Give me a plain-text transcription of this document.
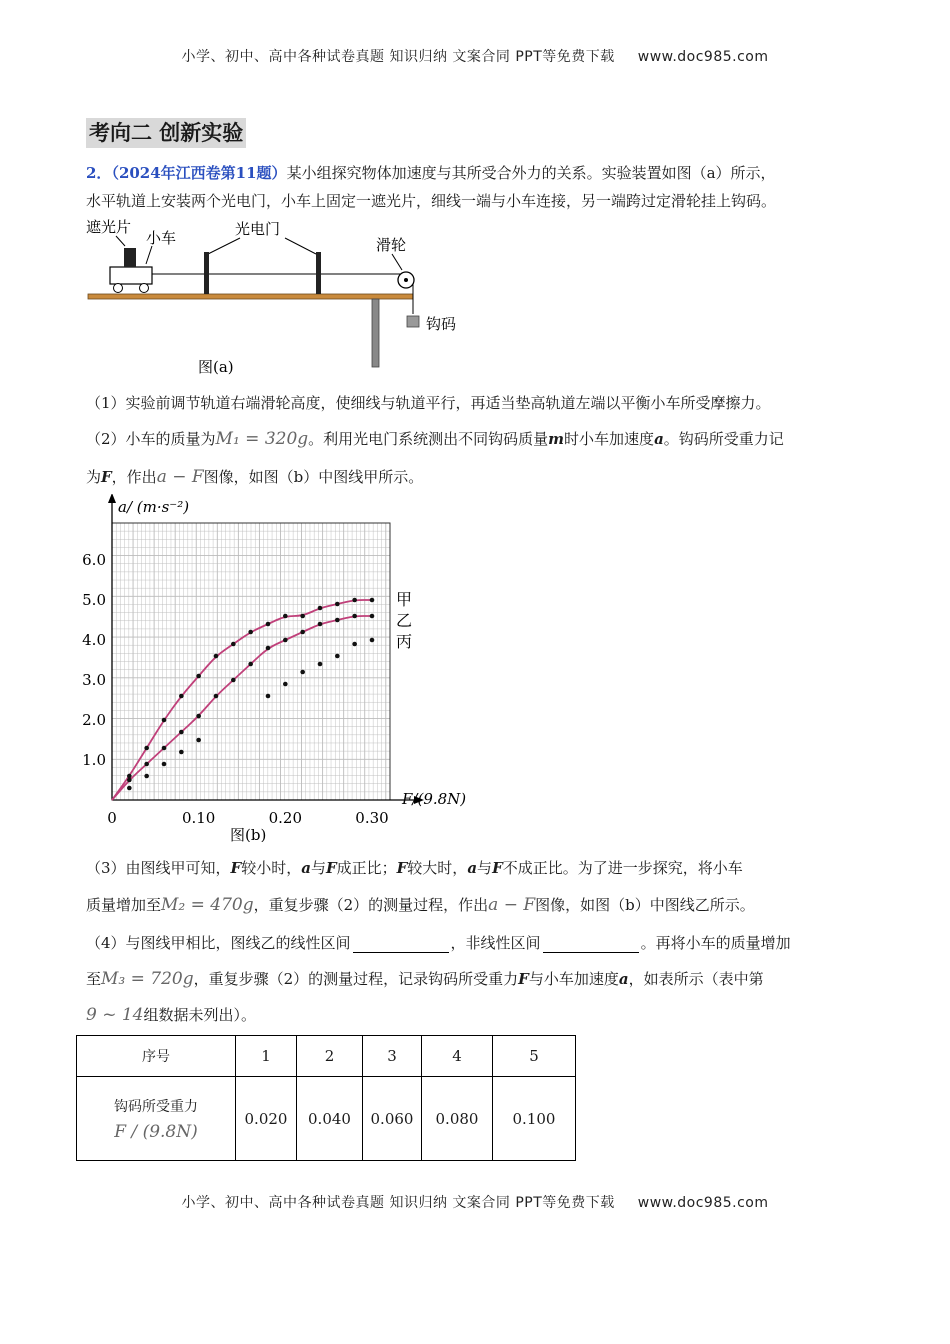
小学、初中、高中各种试卷真题 知识归纳 文案合同 PPT等免费下载 www.doc985.com
考向二 创新实验
2．（2024年江西卷第11题）某小组探究物体加速度与其所受合外力的关系。实验装置如图（a）所示，
水平轨道上安装两个光电门，小车上固定一遮光片，细线一端与小车连接，另一端跨过定滑轮挂上钩码。
遮光片
小车	光电门
滑轮
钩码
图(a)
（1）实验前调节轨道右端滑轮高度，使细线与轨道平行，再适当垫高轨道左端以平衡小车所受摩擦力。
（2）小车的质量为M₁ = 320g。利用光电门系统测出不同钩码质量m时小车加速度a。钩码所受重力记
为F，作出a − F图像，如图（b）中图线甲所示。
1.0
2.0
3.0
4.0
5.0
6.0
0.10	0.20	0.30
0
a/ (m·s⁻²)
F/(9.8N)
图(b)
甲
乙
丙
（3）由图线甲可知，F较小时，a与F成正比；F较大时，a与F不成正比。为了进一步探究，将小车
质量增加至M₂ = 470g，重复步骤（2）的测量过程，作出a − F图像，如图（b）中图线乙所示。
（4）与图线甲相比，图线乙的线性区间	，非线性区间	。再将小车的质量增加
至M₃ = 720g，重复步骤（2）的测量过程，记录钩码所受重力F与小车加速度a，如表所示（表中第
9 ~ 14组数据未列出）。
序号	1	2	3	4	5

钩码所受重力
F / (9.8N)	0.020	0.040	0.060	0.080	0.100
小学、初中、高中各种试卷真题 知识归纳 文案合同 PPT等免费下载 www.doc985.com
